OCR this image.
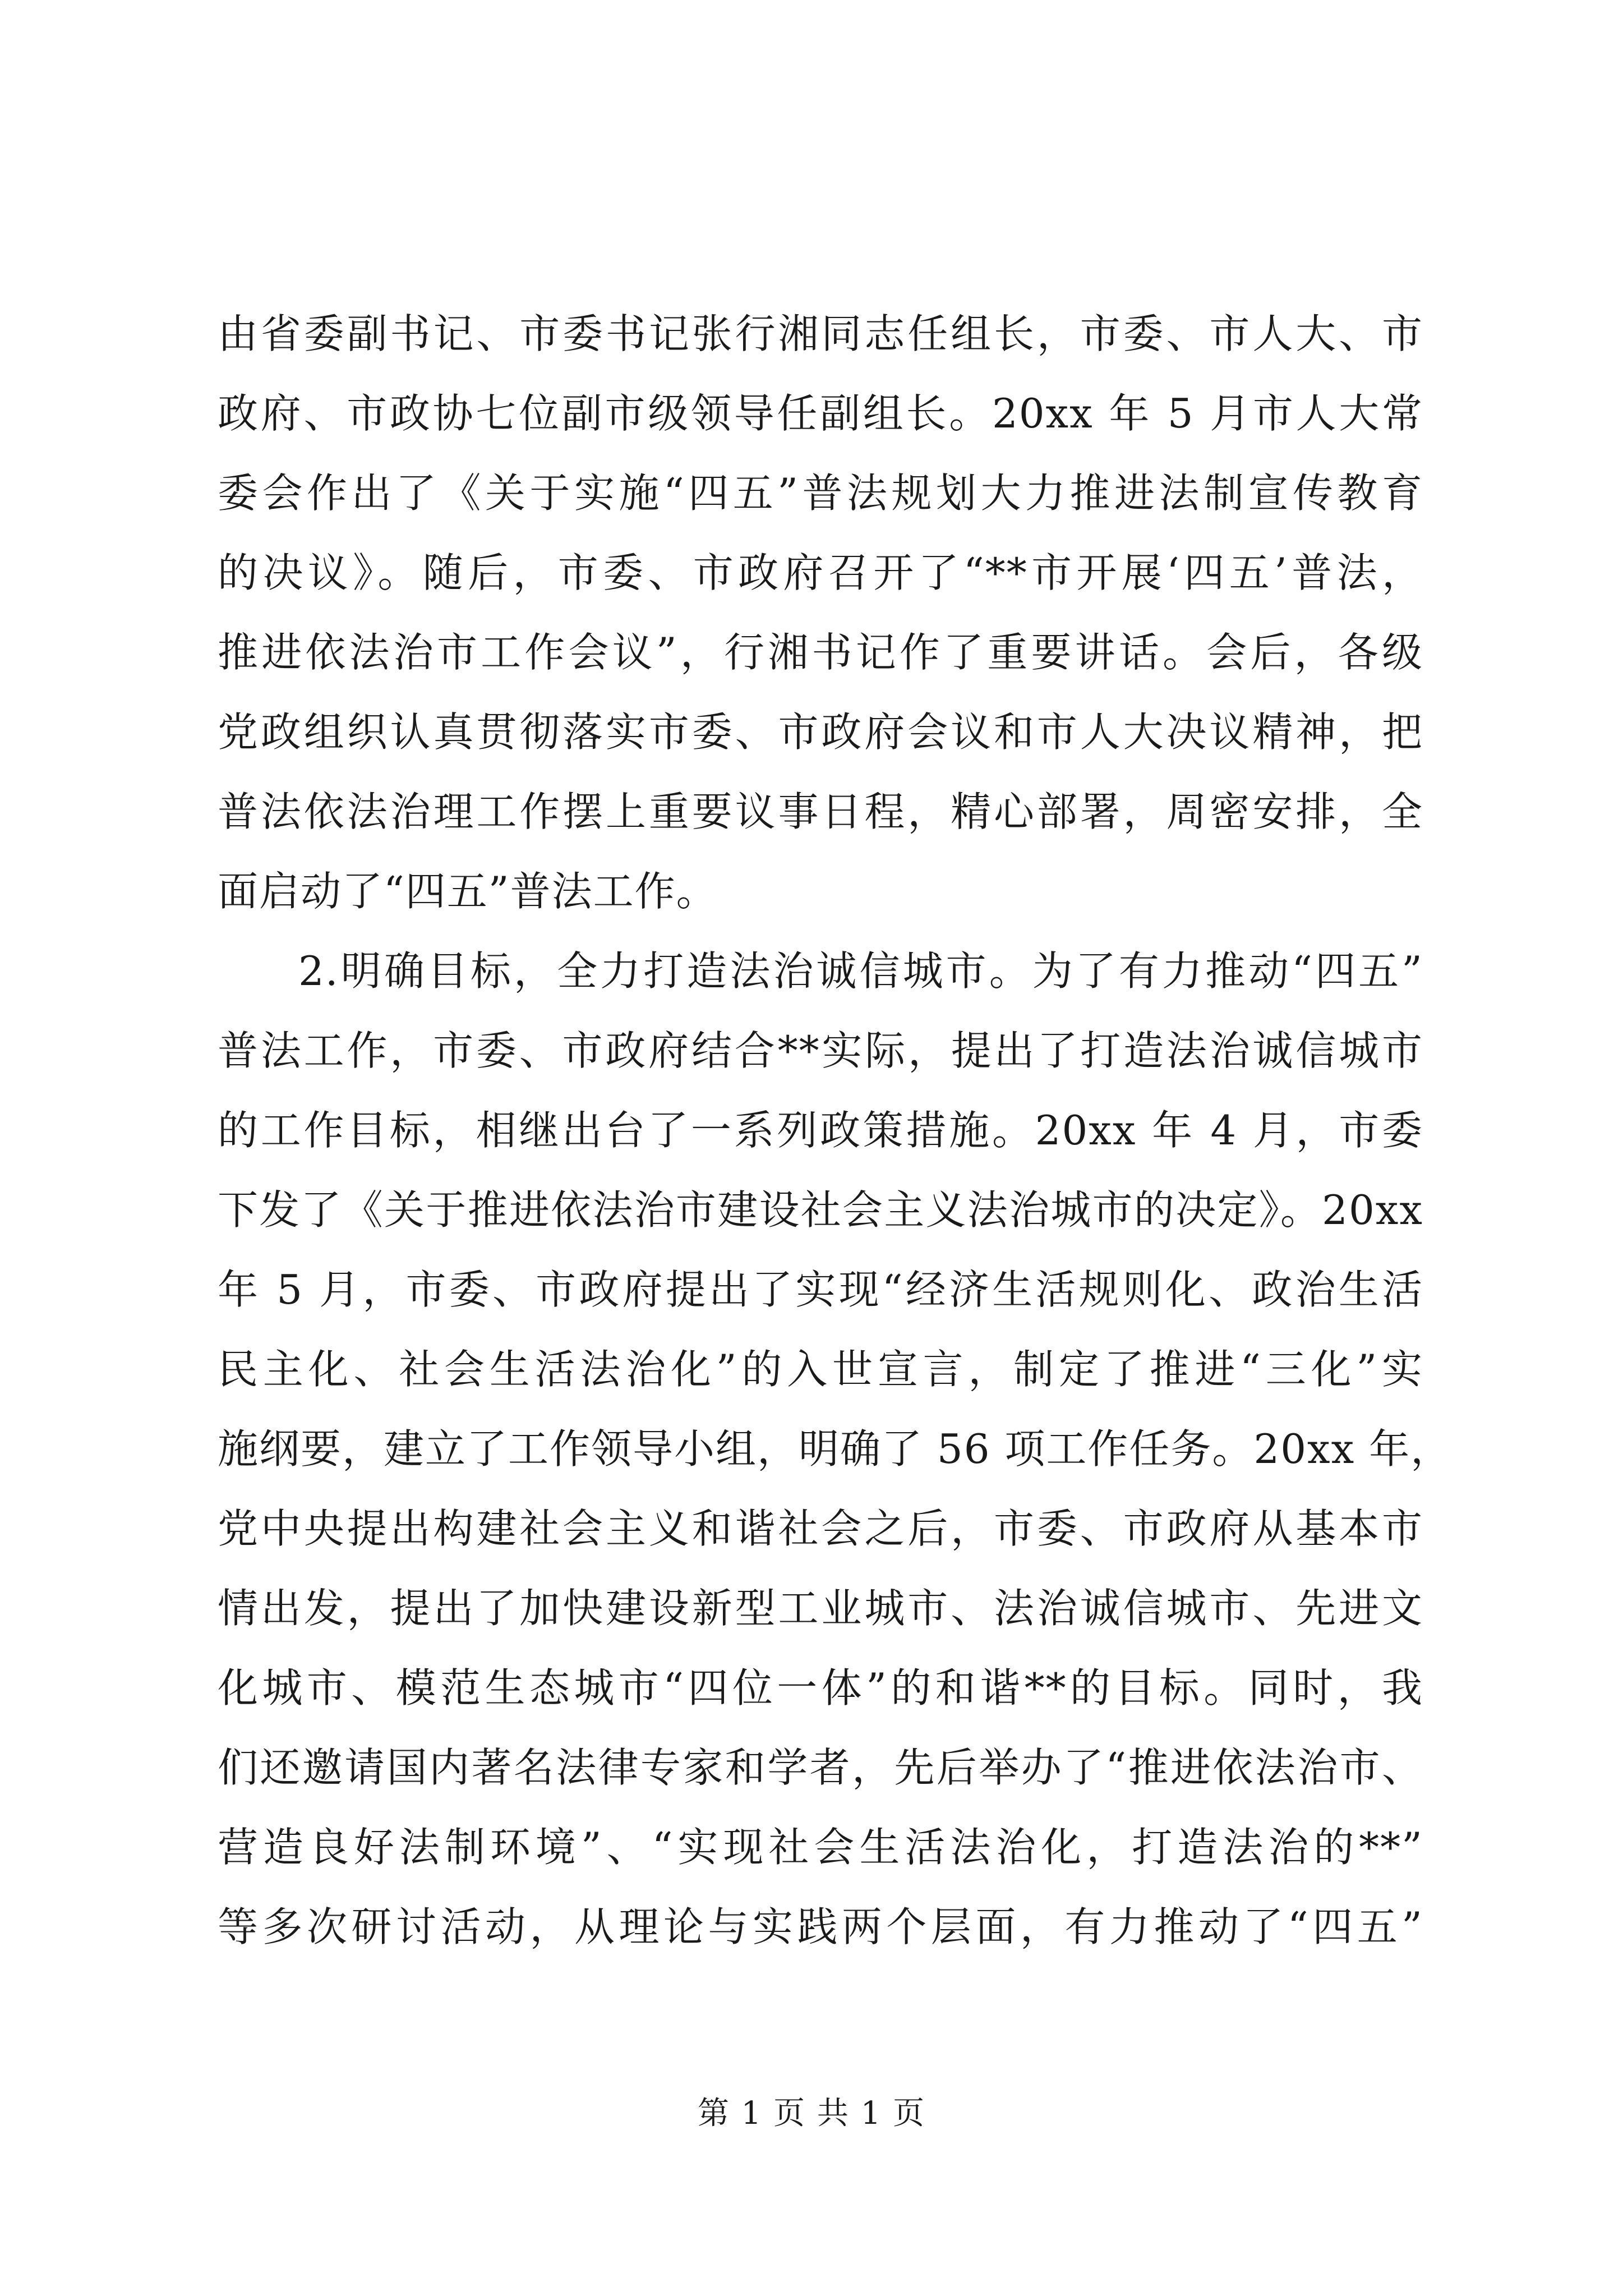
由省委副书记、市委书记张行湘同志任组长，市委、市人大、市
政府、市政协七位副市级领导任副组长。20xx 年 5 月市人大常
委会作出了《关于实施“四五”普法规划大力推进法制宣传教育
的决议》。随后，市委、市政府召开了“**市开展‘四五’普法，
推进依法治市工作会议”，行湘书记作了重要讲话。会后，各级
党政组织认真贯彻落实市委、市政府会议和市人大决议精神，把
普法依法治理工作摆上重要议事日程，精心部署，周密安排，全
面启动了“四五”普法工作。
2.明确目标，全力打造法治诚信城市。为了有力推动“四五”
普法工作，市委、市政府结合**实际，提出了打造法治诚信城市
的工作目标，相继出台了一系列政策措施。20xx 年 4 月，市委
下发了《关于推进依法治市建设社会主义法治城市的决定》。20xx
年 5 月，市委、市政府提出了实现“经济生活规则化、政治生活
民主化、社会生活法治化”的入世宣言，制定了推进“三化”实
施纲要，建立了工作领导小组，明确了 56 项工作任务。20xx 年，
党中央提出构建社会主义和谐社会之后，市委、市政府从基本市
情出发，提出了加快建设新型工业城市、法治诚信城市、先进文
化城市、模范生态城市“四位一体”的和谐**的目标。同时，我
们还邀请国内著名法律专家和学者，先后举办了“推进依法治市、
营造良好法制环境”、“实现社会生活法治化，打造法治的**”
等多次研讨活动，从理论与实践两个层面，有力推动了“四五”
第 1 页 共 1 页
